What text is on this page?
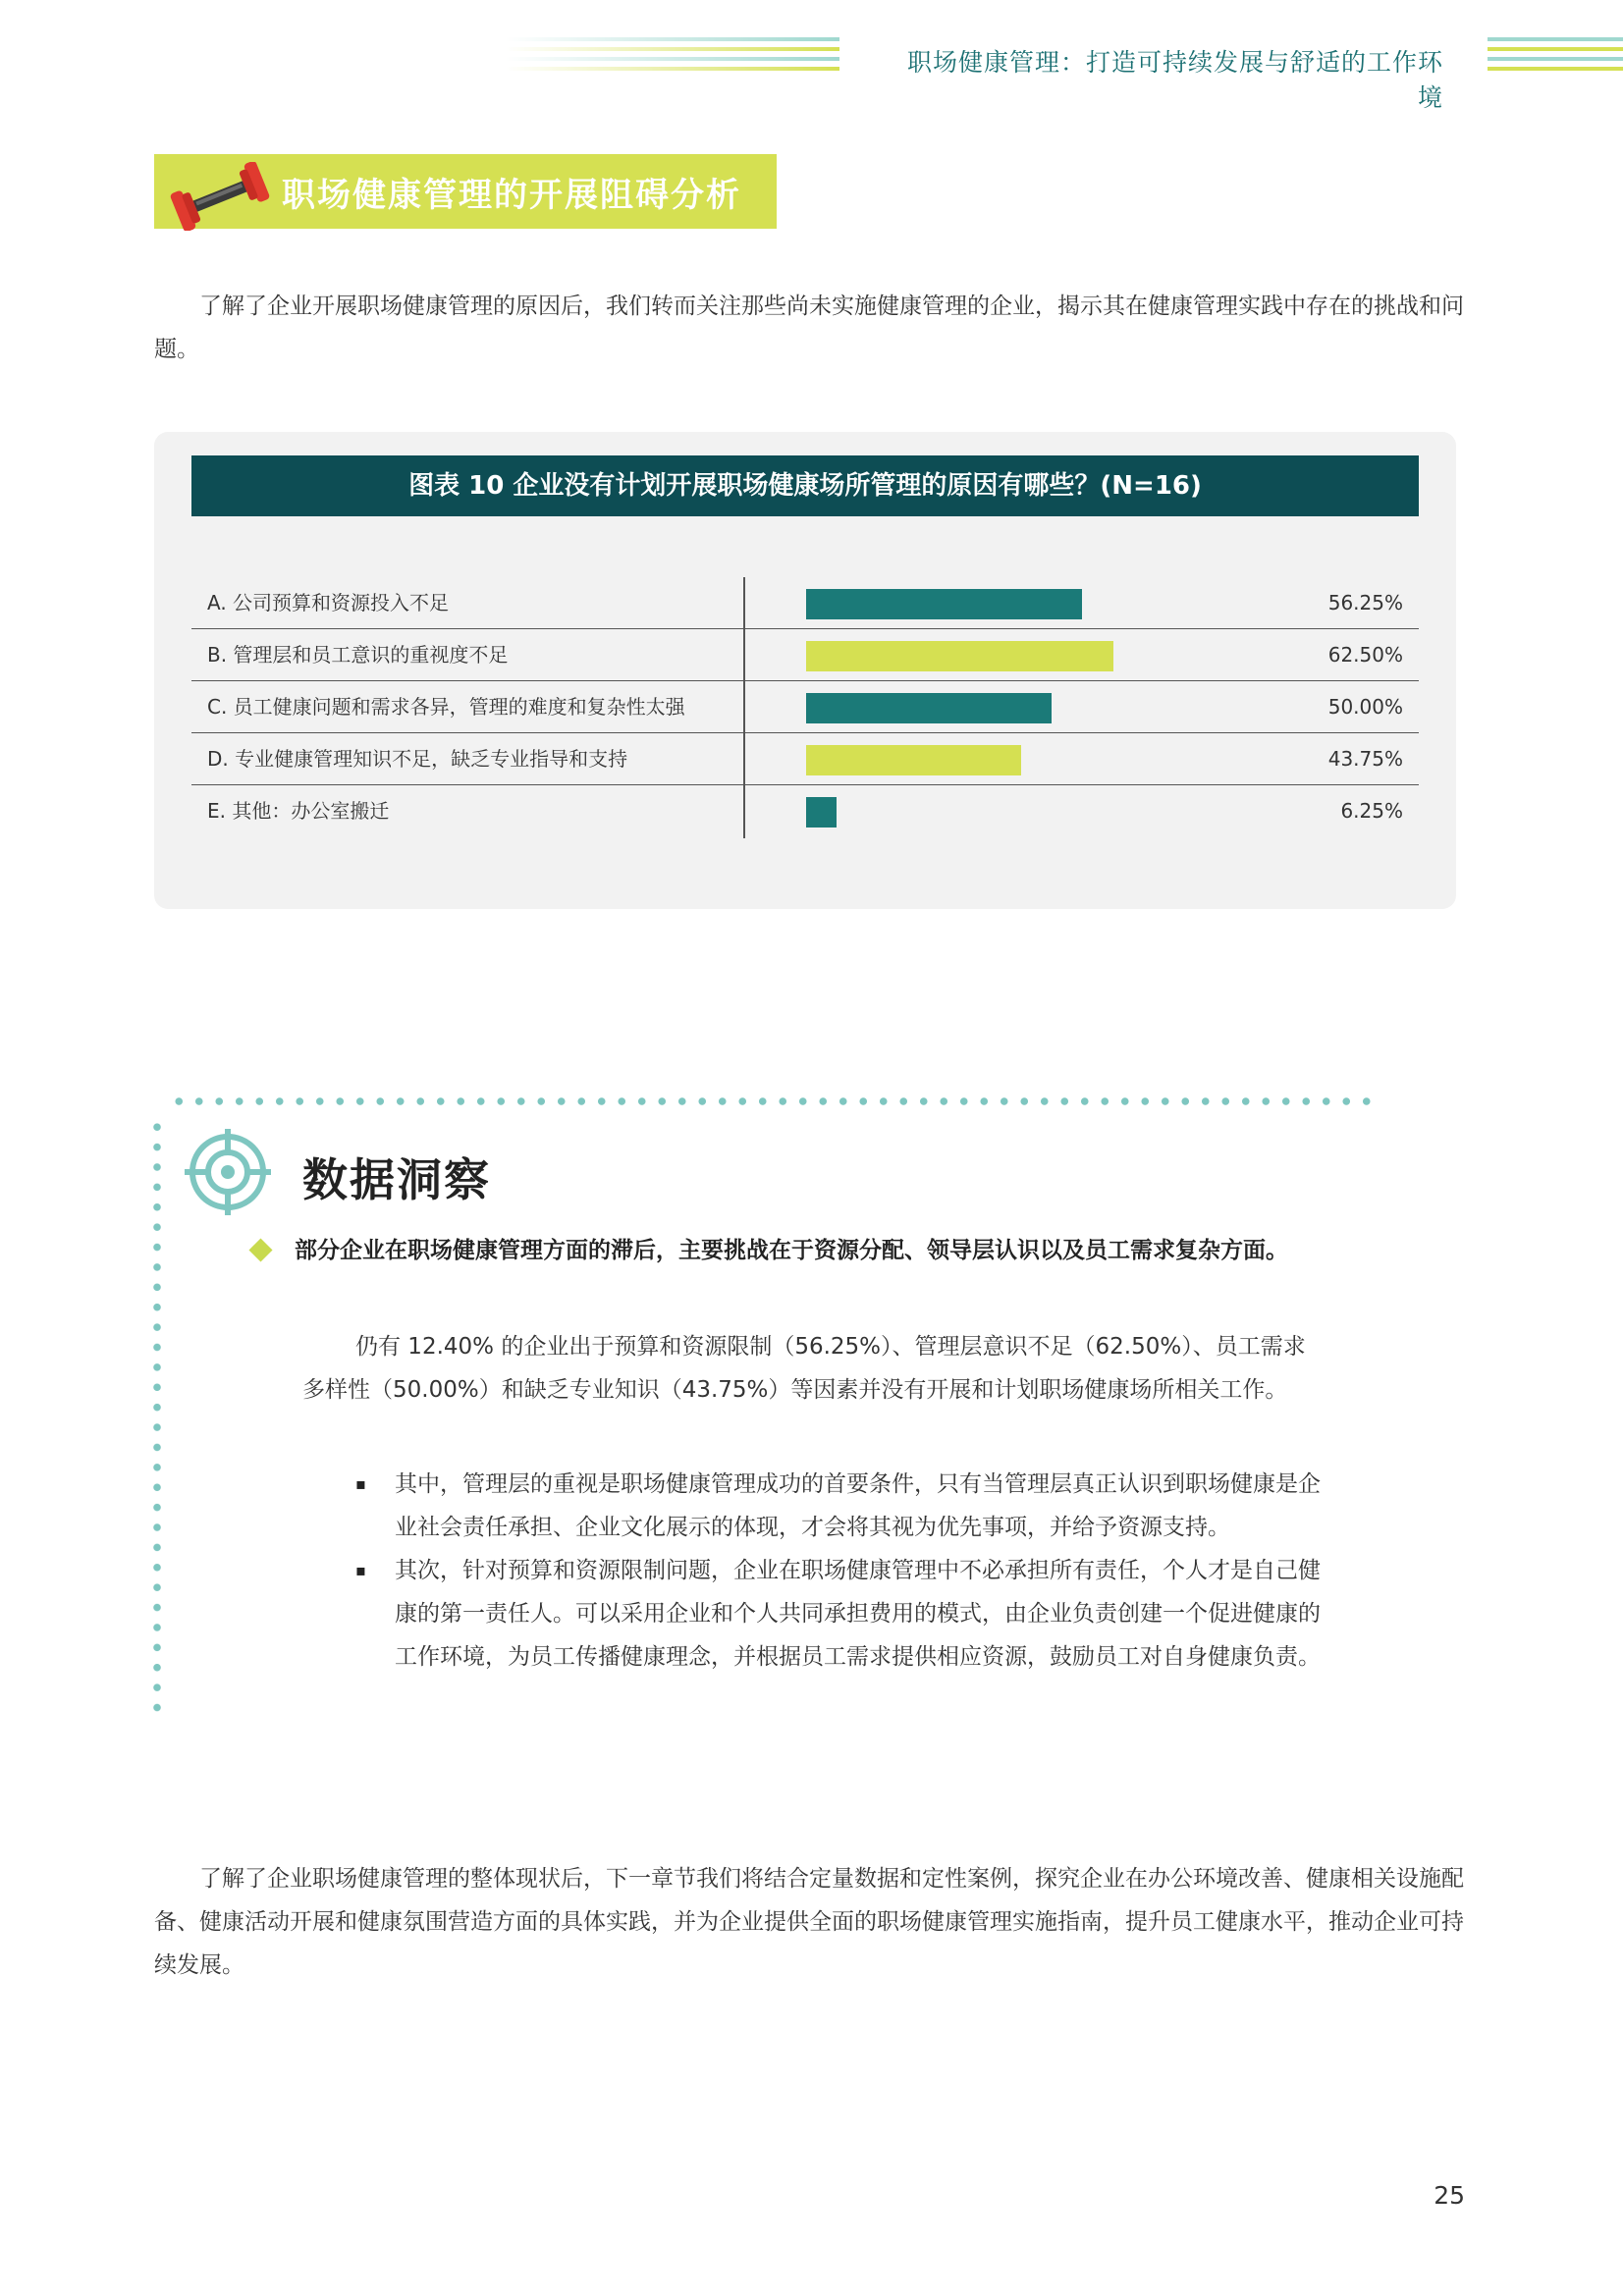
职场健康管理：打造可持续发展与舒适的工作环境
职场健康管理的开展阻碍分析
了解了企业开展职场健康管理的原因后，我们转而关注那些尚未实施健康管理的企业，揭示其在健康管理实践中存在的挑战和问题。
图表 10 企业没有计划开展职场健康场所管理的原因有哪些？(N=16)
A. 公司预算和资源投入不足	56.25%
B. 管理层和员工意识的重视度不足	62.50%
C. 员工健康问题和需求各异，管理的难度和复杂性太强	50.00%
D. 专业健康管理知识不足，缺乏专业指导和支持	43.75%
E. 其他：办公室搬迁	6.25%
数据洞察
部分企业在职场健康管理方面的滞后，主要挑战在于资源分配、领导层认识以及员工需求复杂方面。
仍有 12.40% 的企业出于预算和资源限制（56.25%）、管理层意识不足（62.50%）、员工需求多样性（50.00%）和缺乏专业知识（43.75%）等因素并没有开展和计划职场健康场所相关工作。
▪ 其中，管理层的重视是职场健康管理成功的首要条件，只有当管理层真正认识到职场健康是企业社会责任承担、企业文化展示的体现，才会将其视为优先事项，并给予资源支持。
▪ 其次，针对预算和资源限制问题，企业在职场健康管理中不必承担所有责任，个人才是自己健康的第一责任人。可以采用企业和个人共同承担费用的模式，由企业负责创建一个促进健康的工作环境，为员工传播健康理念，并根据员工需求提供相应资源，鼓励员工对自身健康负责。
了解了企业职场健康管理的整体现状后，下一章节我们将结合定量数据和定性案例，探究企业在办公环境改善、健康相关设施配备、健康活动开展和健康氛围营造方面的具体实践，并为企业提供全面的职场健康管理实施指南，提升员工健康水平，推动企业可持续发展。
25
